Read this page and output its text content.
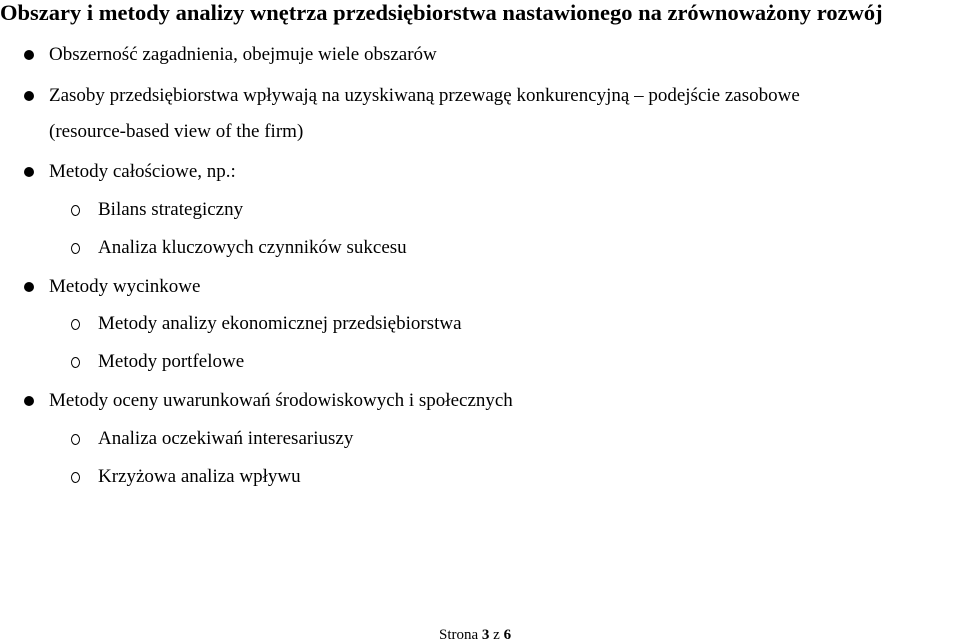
Obszary i metody analizy wnętrza przedsiębiorstwa nastawionego na zrównoważony rozwój
Obszerność zagadnienia, obejmuje wiele obszarów
Zasoby przedsiębiorstwa wpływają na uzyskiwaną przewagę konkurencyjną – podejście zasobowe
(resource-based view of the firm)
Metody całościowe, np.:
Bilans strategiczny
Analiza kluczowych czynników sukcesu
Metody wycinkowe
Metody analizy ekonomicznej przedsiębiorstwa
Metody portfelowe
Metody oceny uwarunkowań środowiskowych i społecznych
Analiza oczekiwań interesariuszy
Krzyżowa analiza wpływu
Strona 3 z 6
